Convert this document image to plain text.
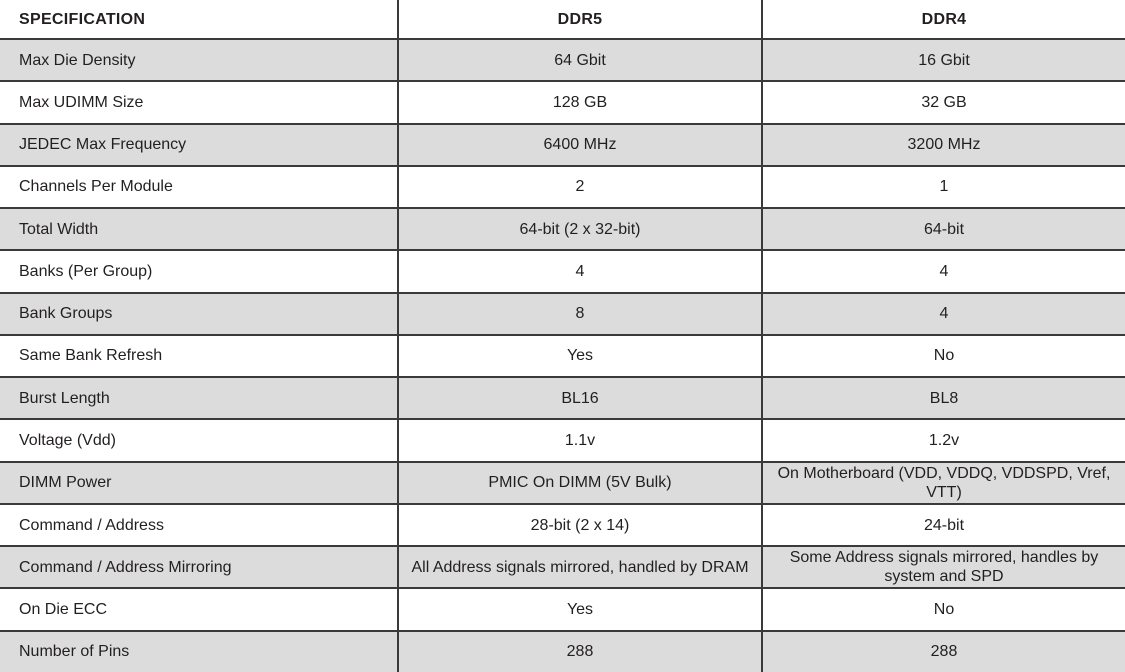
SPECIFICATION	DDR5	DDR4
Max Die Density	64 Gbit	16 Gbit
Max UDIMM Size	128 GB	32 GB
JEDEC Max Frequency	6400 MHz	3200 MHz
Channels Per Module	2	1
Total Width	64-bit (2 x 32-bit)	64-bit
Banks (Per Group)	4	4
Bank Groups	8	4
Same Bank Refresh	Yes	No
Burst Length	BL16	BL8
Voltage (Vdd)	1.1v	1.2v
DIMM Power	PMIC On DIMM (5V Bulk)	On Motherboard (VDD, VDDQ, VDDSPD, Vref, VTT)
Command / Address	28-bit (2 x 14)	24-bit
Command / Address Mirroring	All Address signals mirrored, handled by DRAM	Some Address signals mirrored, handles by system and SPD
On Die ECC	Yes	No
Number of Pins	288	288
